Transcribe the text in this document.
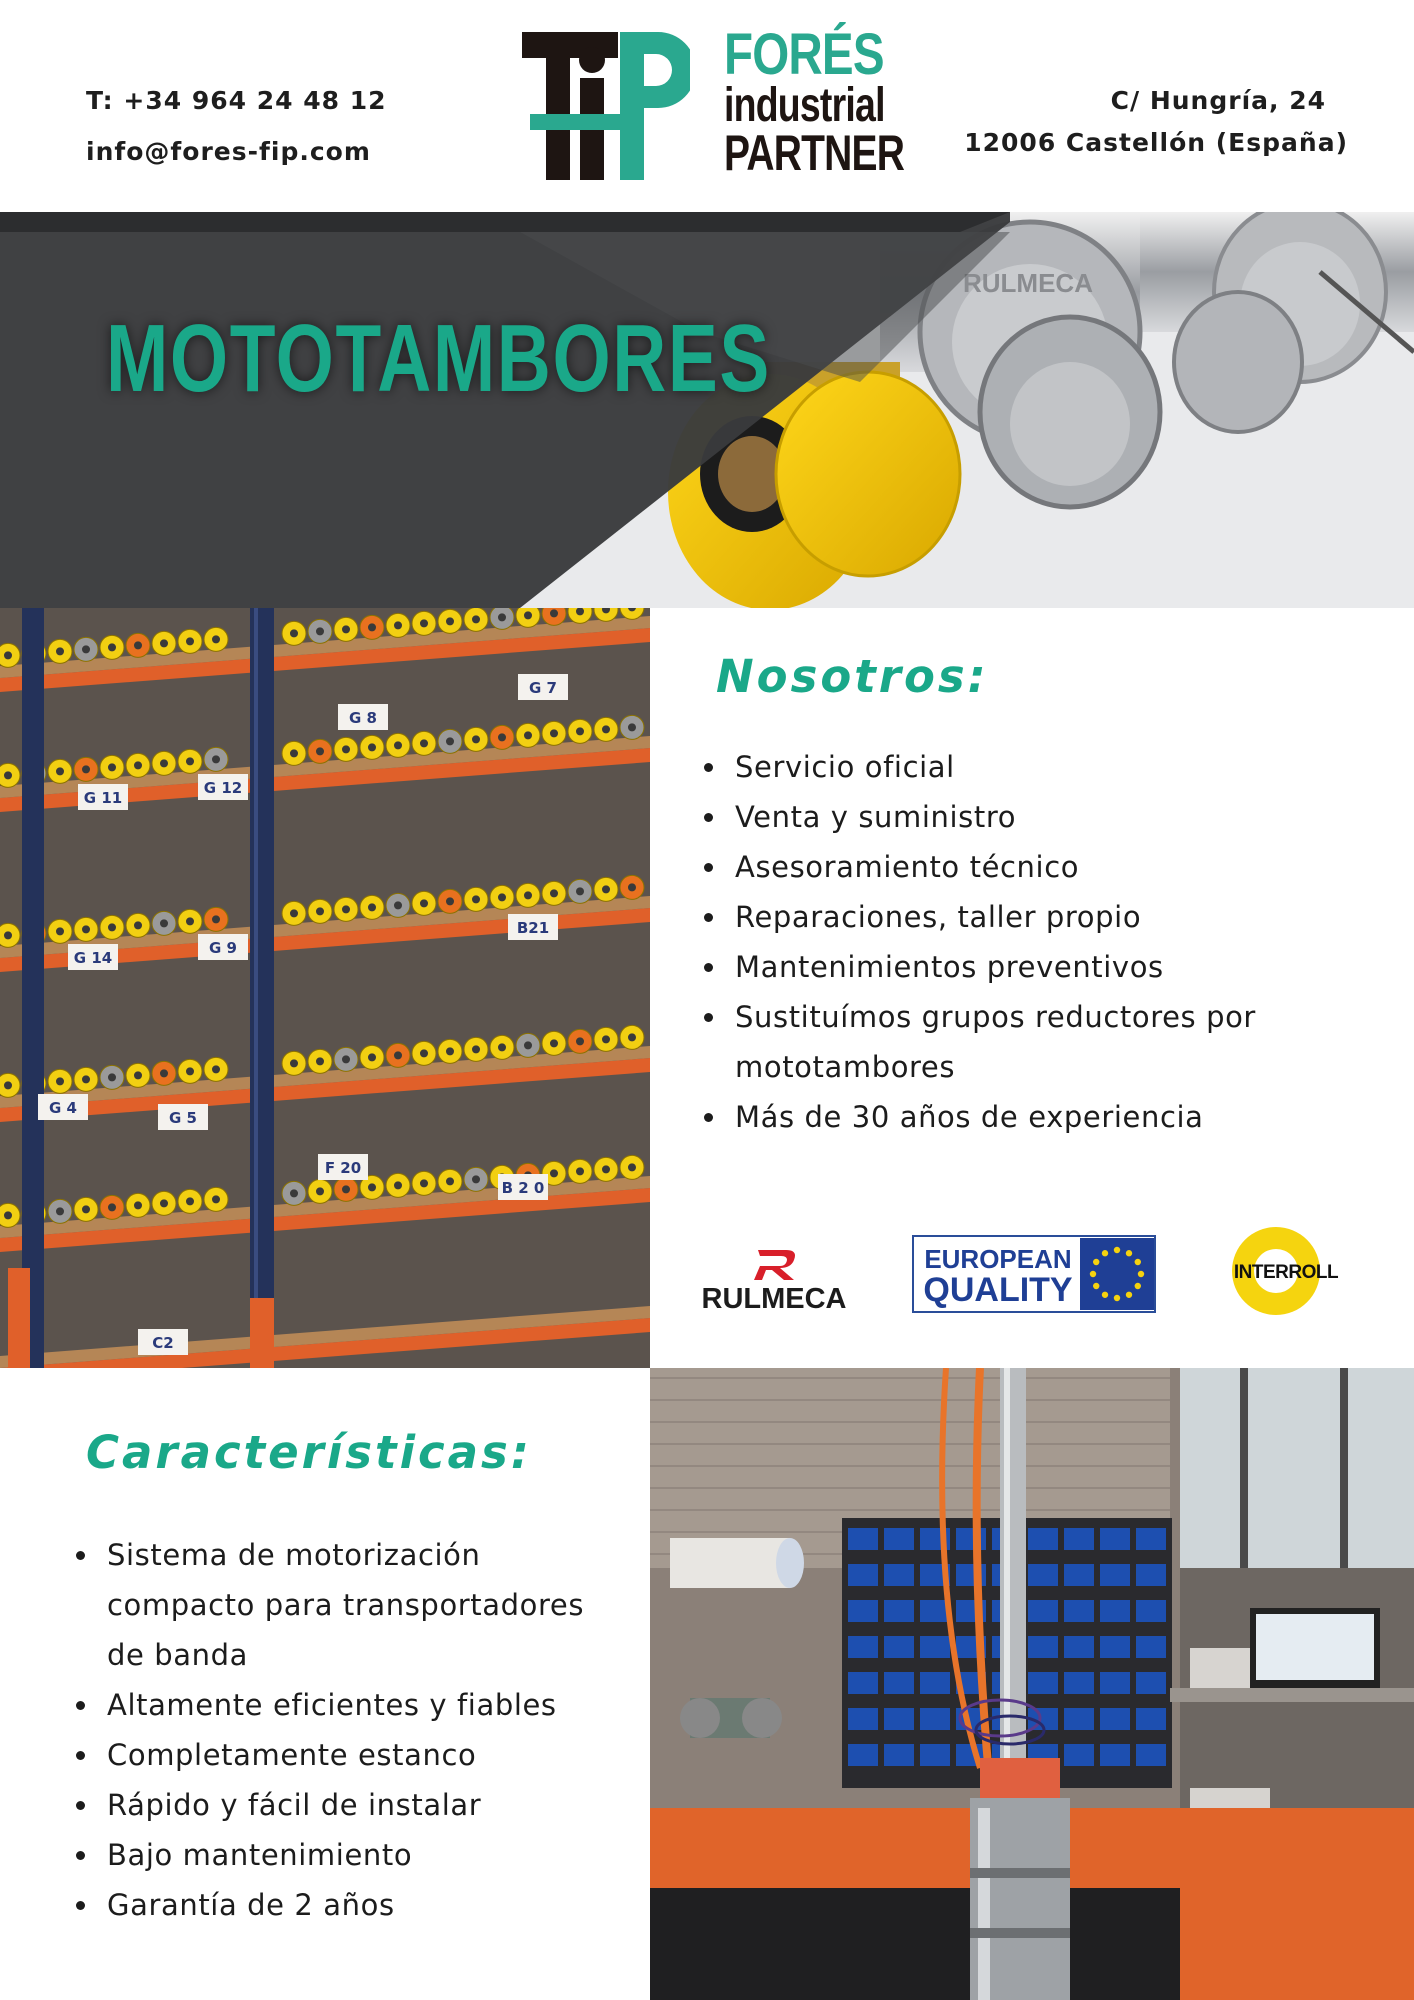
T: +34 964 24 48 12
info@fores-fip.com
C/ Hungría, 24
12006 Castellón (España)
FORÉS
industrial
PARTNER
RULMECA
MOTOTAMBORES
G 7
G 8
G 12
G 11
G 9
G 14
B21
G 4
G 5
F 20
B 2 0
C2
Nosotros:
Servicio oficial
Venta y suministro
Asesoramiento técnico
Reparaciones, taller propio
Mantenimientos preventivos
Sustituímos grupos reductores por mototambores
Más de 30 años de experiencia
RULMECA
EUROPEAN
QUALITY	INTERROLL
Características:
Sistema de motorización compacto para transportadores de banda
Altamente eficientes y fiables
Completamente estanco
Rápido y fácil de instalar
Bajo mantenimiento
Garantía de 2 años
